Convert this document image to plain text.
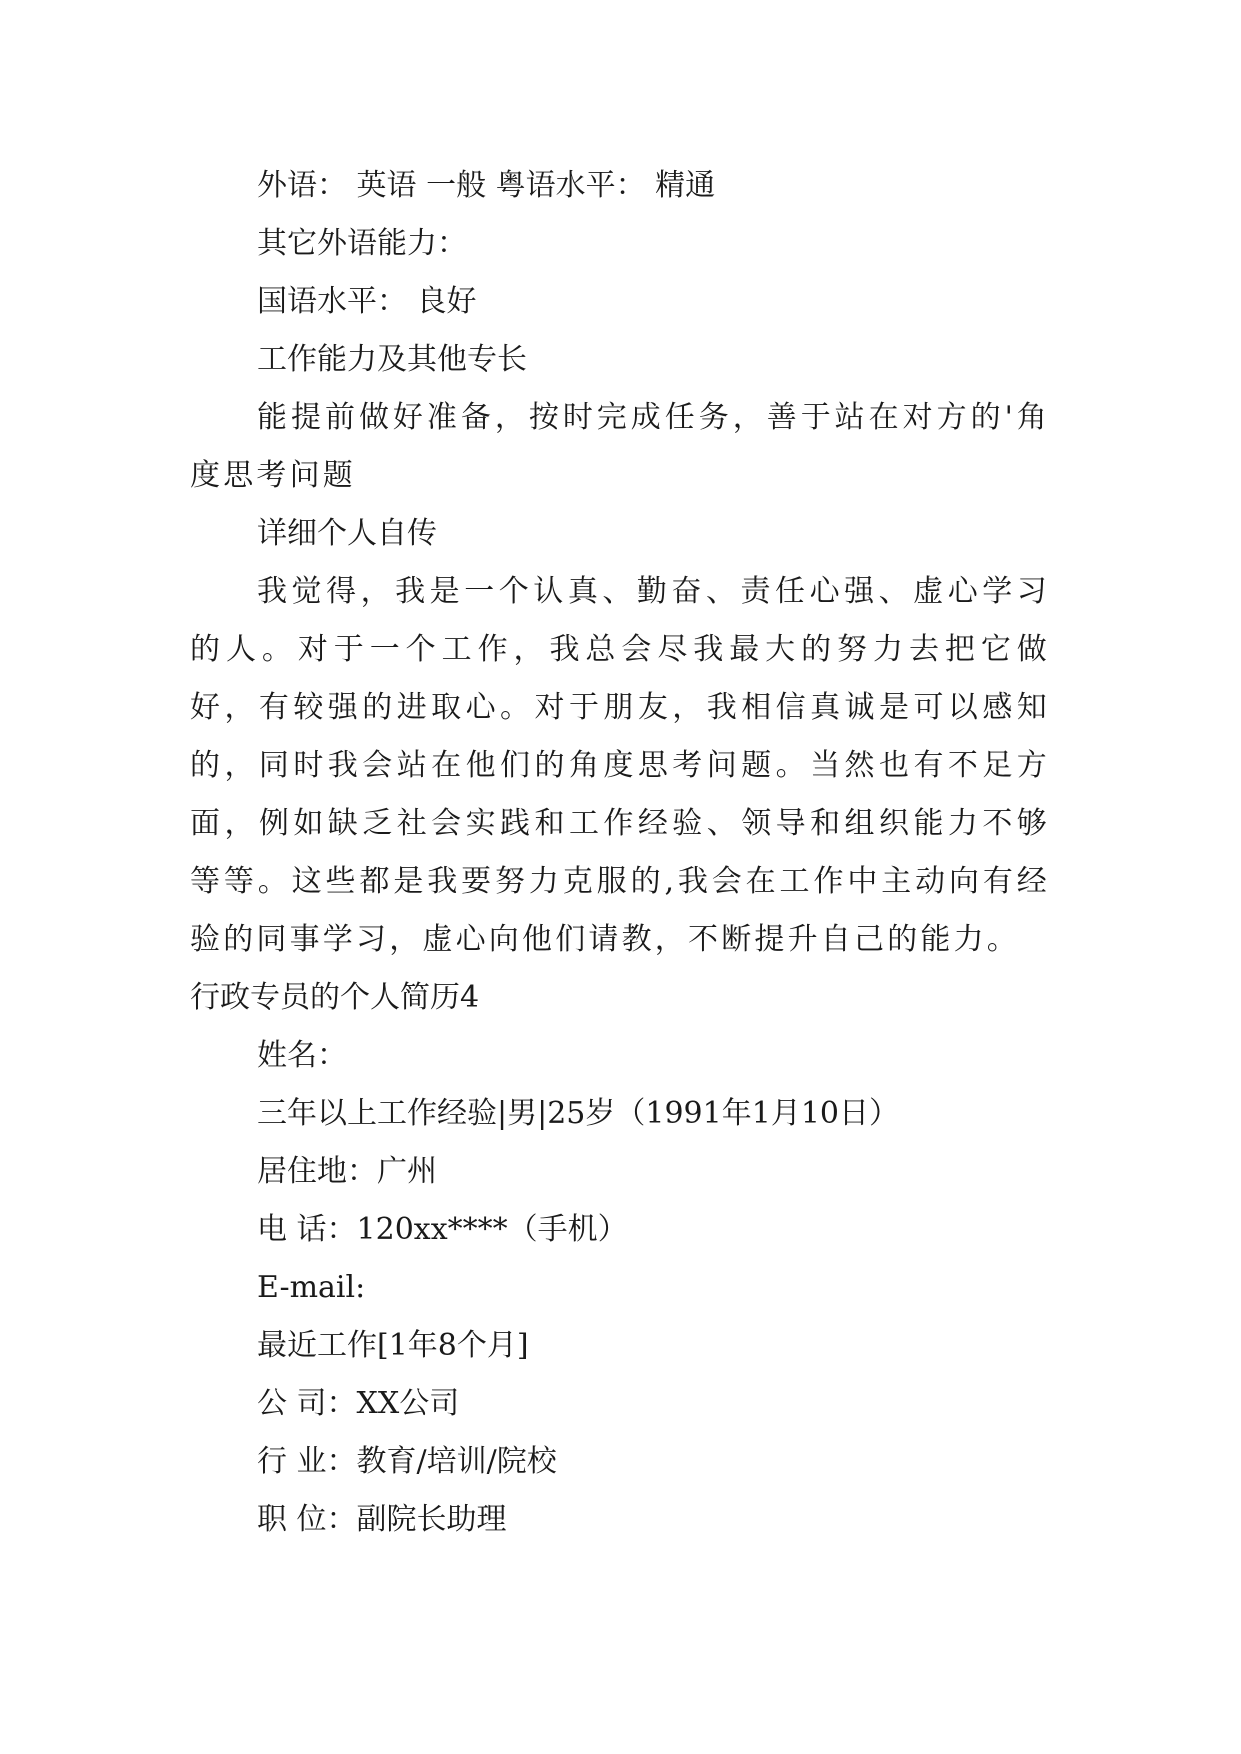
外语： 英语 一般 粤语水平： 精通

其它外语能力：

国语水平： 良好

工作能力及其他专长

能提前做好准备，按时完成任务，善于站在对方的'角度思考问题

详细个人自传

我觉得，我是一个认真、勤奋、责任心强、虚心学习的人。对于一个工作，我总会尽我最大的努力去把它做好，有较强的进取心。对于朋友，我相信真诚是可以感知的，同时我会站在他们的角度思考问题。当然也有不足方面，例如缺乏社会实践和工作经验、领导和组织能力不够等等。这些都是我要努力克服的,我会在工作中主动向有经验的同事学习，虚心向他们请教，不断提升自己的能力。

行政专员的个人简历4

姓名：

三年以上工作经验|男|25岁（1991年1月10日）

居住地：广州

电 话：120xx****（手机）

E-mail:

最近工作[1年8个月]

公 司：XX公司

行 业：教育/培训/院校

职 位：副院长助理
